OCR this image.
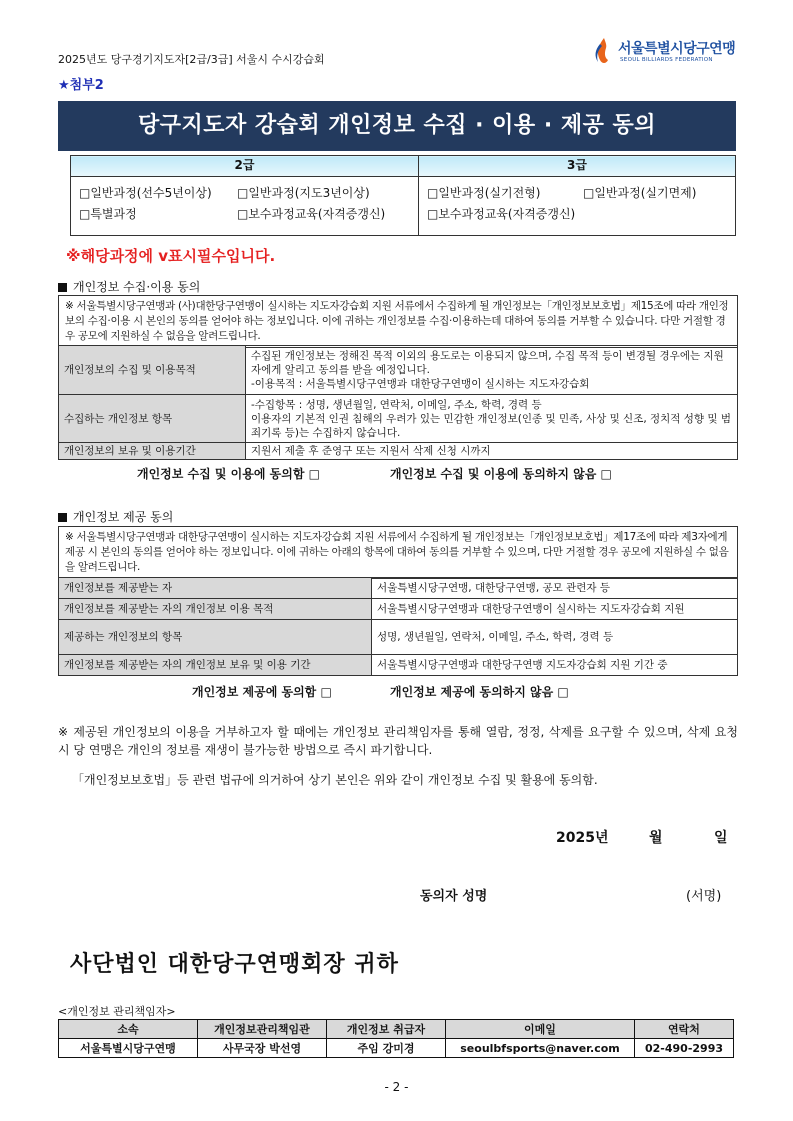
2025년도 당구경기지도자[2급/3급] 서울시 수시강습회
서울특별시당구연맹
SEOUL BILLIARDS FEDERATION
★첨부2
당구지도자 강습회 개인정보 수집 · 이용 · 제공 동의
2급	3급
□일반과정(선수5년이상) □일반과정(지도3년이상)
□특별과정 □보수과정교육(자격증갱신)	□일반과정(실기전형) □일반과정(실기면제)
□보수과정교육(자격증갱신)
※해당과정에 v표시필수입니다.
개인정보 수집·이용 동의
※ 서울특별시당구연맹과 (사)대한당구연맹이 실시하는 지도자강습회 지원 서류에서 수집하게 될 개인정보는「개인정보보호법」제15조에 따라 개인정보의 수집·이용 시 본인의 동의를 얻어야 하는 정보입니다. 이에 귀하는 개인정보를 수집·이용하는데 대하여 동의를 거부할 수 있습니다. 다만 거절할 경우 공모에 지원하실 수 없음을 알려드립니다.
개인정보의 수집 및 이용목적	수집된 개인정보는 정해진 목적 이외의 용도로는 이용되지 않으며, 수집 목적 등이 변경될 경우에는 지원자에게 알리고 동의를 받을 예정입니다.
-이용목적 : 서울특별시당구연맹과 대한당구연맹이 실시하는 지도자강습회
수집하는 개인정보 항목	-수집항목 : 성명, 생년월일, 연락처, 이메일, 주소, 학력, 경력 등
이용자의 기본적 인권 침해의 우려가 있는 민감한 개인정보(인종 및 민족, 사상 및 신조, 정치적 성향 및 범죄기록 등)는 수집하지 않습니다.
개인정보의 보유 및 이용기간	지원서 제출 후 준영구 또는 지원서 삭제 신청 시까지
개인정보 수집 및 이용에 동의함 □	개인정보 수집 및 이용에 동의하지 않음 □
개인정보 제공 동의
※ 서울특별시당구연맹과 대한당구연맹이 실시하는 지도자강습회 지원 서류에서 수집하게 될 개인정보는「개인정보보호법」제17조에 따라 제3자에게 제공 시 본인의 동의를 얻어야 하는 정보입니다. 이에 귀하는 아래의 항목에 대하여 동의를 거부할 수 있으며, 다만 거절할 경우 공모에 지원하실 수 없음을 알려드립니다.
개인정보를 제공받는 자	서울특별시당구연맹, 대한당구연맹, 공모 관련자 등
개인정보를 제공받는 자의 개인정보 이용 목적	서울특별시당구연맹과 대한당구연맹이 실시하는 지도자강습회 지원
제공하는 개인정보의 항목	성명, 생년월일, 연락처, 이메일, 주소, 학력, 경력 등
개인정보를 제공받는 자의 개인정보 보유 및 이용 기간	서울특별시당구연맹과 대한당구연맹 지도자강습회 지원 기간 중
개인정보 제공에 동의함 □	개인정보 제공에 동의하지 않음 □
※ 제공된 개인정보의 이용을 거부하고자 할 때에는 개인정보 관리책임자를 통해 열람, 정정, 삭제를 요구할 수 있으며, 삭제 요청 시 당 연맹은 개인의 정보를 재생이 불가능한 방법으로 즉시 파기합니다.
「개인정보보호법」등 관련 법규에 의거하여 상기 본인은 위와 같이 개인정보 수집 및 활용에 동의함.
2025년	월	일
동의자 성명	(서명)
사단법인 대한당구연맹회장 귀하
<개인정보 관리책임자>
소속	개인정보관리책임관	개인정보 취급자	이메일	연락처
서울특별시당구연맹	사무국장 박선영	주임 강미경	seoulbfsports@naver.com	02-490-2993
- 2 -
